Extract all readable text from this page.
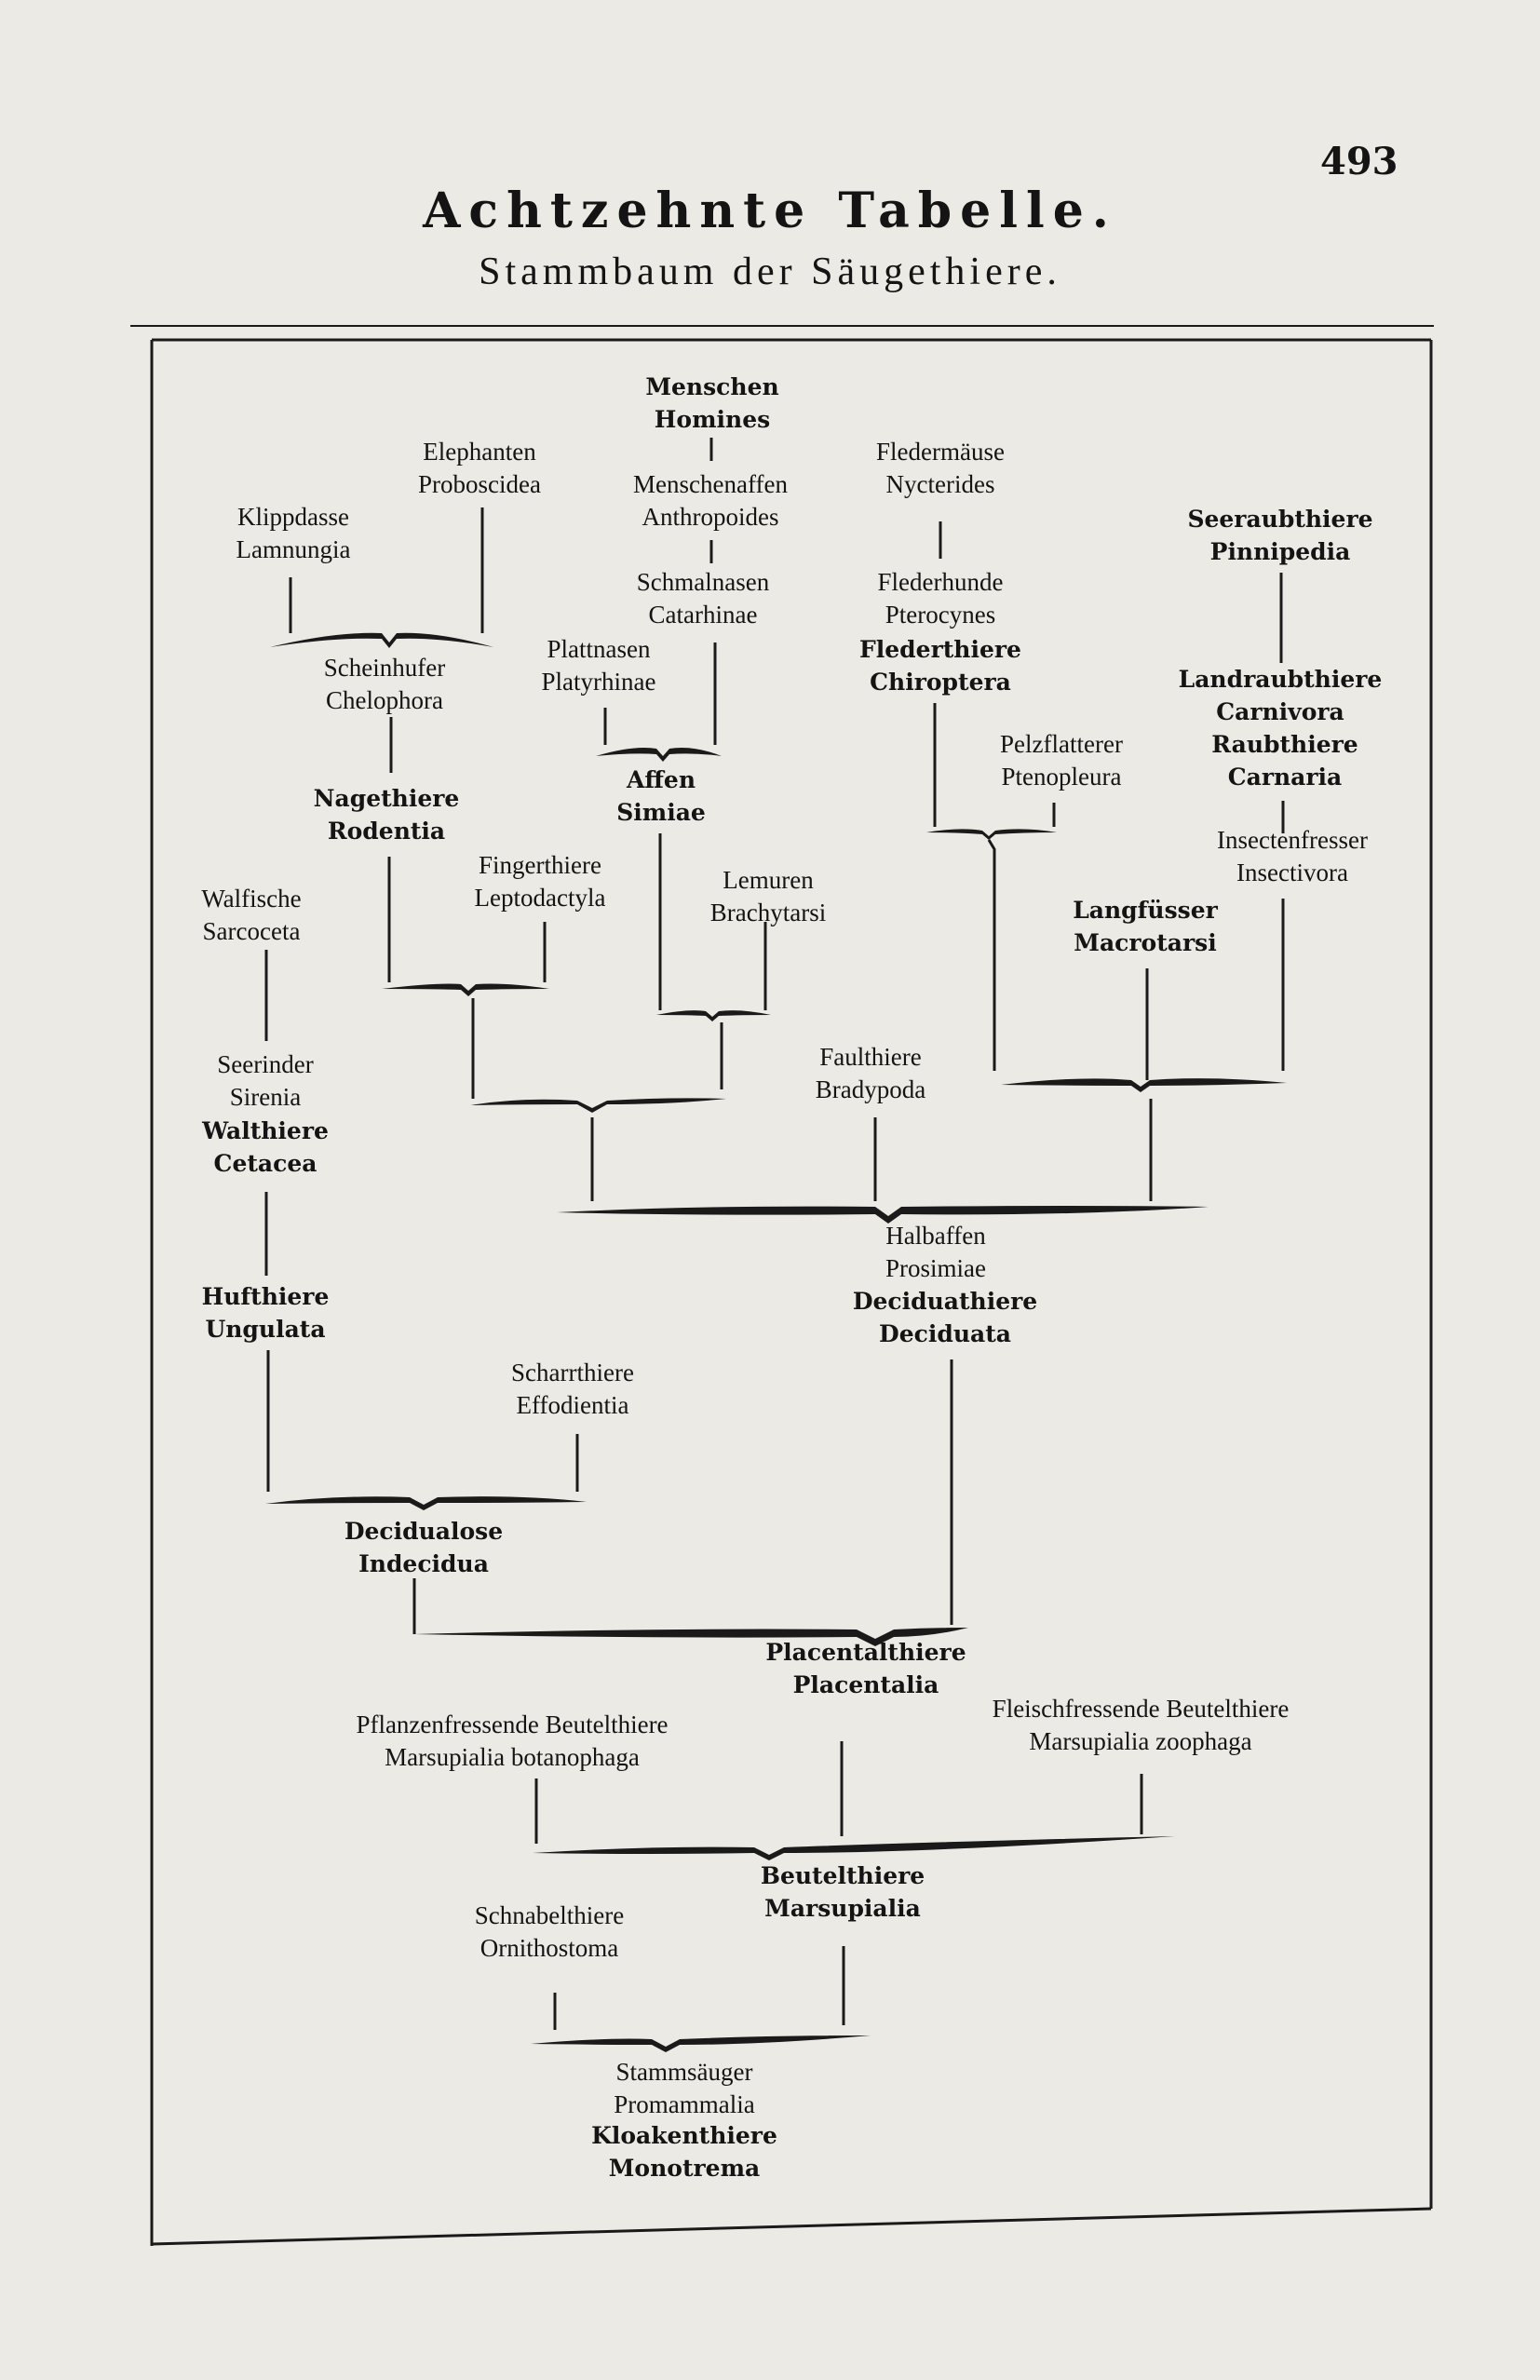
493
Achtzehnte Tabelle.
Stammbaum der Säugethiere.
Menschen
Homines
Elephanten
Proboscidea	Menschenaffen
Anthropoides
Fledermäuse
Nycterides
Klippdasse
Lamnungia
Seeraubthiere
Pinnipedia
Schmalnasen
Catarhinae
Flederhunde
Pterocynes
Plattnasen
Platyrhinae
Flederthiere
Chiroptera
Scheinhufer
Chelophora
Landraubthiere
Carnivora
Raubthiere
Carnaria
Pelzflatterer
Ptenopleura
Affen
Simiae
Nagethiere
Rodentia	Insectenfresser
Insectivora
Fingerthiere
Leptodactyla
Walfische
Sarcoceta
Lemuren
Brachytarsi	Langfüsser
Macrotarsi
Faulthiere
Bradypoda
Seerinder
Sirenia
Walthiere
Cetacea
Halbaffen
Prosimiae
Deciduathiere
Deciduata
Hufthiere
Ungulata
Scharrthiere
Effodientia
Decidualose
Indecidua
Placentalthiere
Placentalia
Pflanzenfressende Beutelthiere
Marsupialia botanophaga
Fleischfressende Beutelthiere
Marsupialia zoophaga
Beutelthiere
Marsupialia
Schnabelthiere
Ornithostoma
Stammsäuger
Promammalia
Kloakenthiere
Monotrema
